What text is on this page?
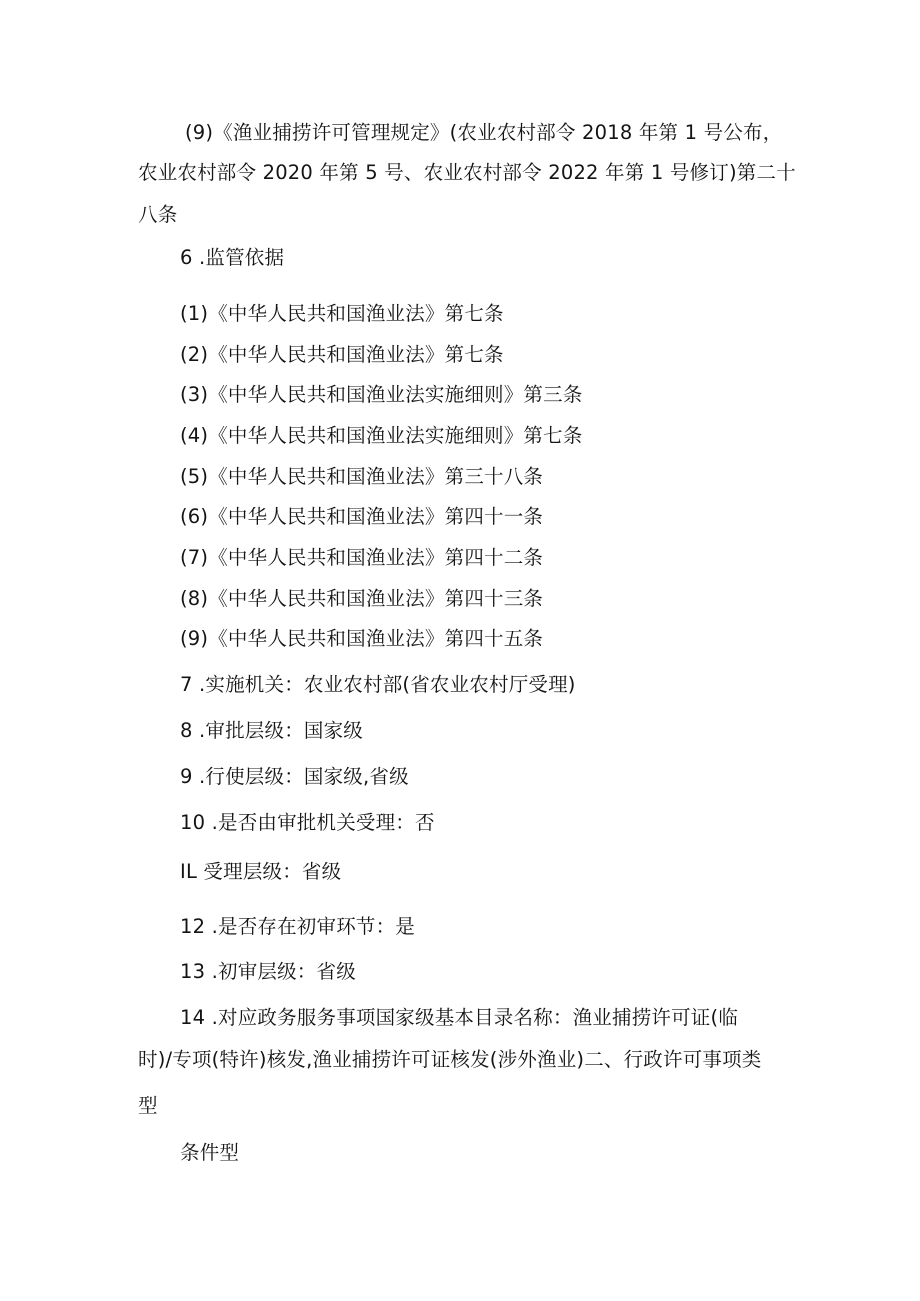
(9)《渔业捕捞许可管理规定》(农业农村部令 2018 年第 1 号公布，
农业农村部令 2020 年第 5 号、农业农村部令 2022 年第 1 号修订)第二十
八条
6 .监管依据
(1)《中华人民共和国渔业法》第七条
(2)《中华人民共和国渔业法》第七条
(3)《中华人民共和国渔业法实施细则》第三条
(4)《中华人民共和国渔业法实施细则》第七条
(5)《中华人民共和国渔业法》第三十八条
(6)《中华人民共和国渔业法》第四十一条
(7)《中华人民共和国渔业法》第四十二条
(8)《中华人民共和国渔业法》第四十三条
(9)《中华人民共和国渔业法》第四十五条
7 .实施机关：农业农村部(省农业农村厅受理)
8 .审批层级：国家级
9 .行使层级：国家级,省级
10 .是否由审批机关受理：否
IL 受理层级：省级
12 .是否存在初审环节：是
13 .初审层级：省级
14 .对应政务服务事项国家级基本目录名称：渔业捕捞许可证(临
时)/专项(特许)核发,渔业捕捞许可证核发(涉外渔业)二、行政许可事项类
型
条件型
